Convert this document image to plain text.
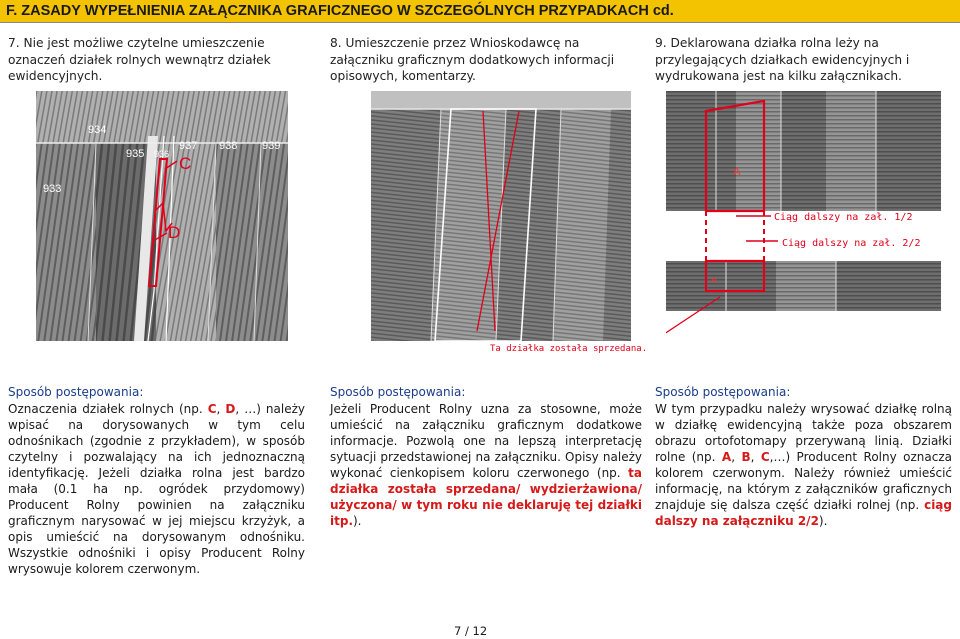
F. ZASADY WYPEŁNIENIA ZAŁĄCZNIKA GRAFICZNEGO W SZCZEGÓLNYCH PRZYPADKACH cd.
7. Nie jest możliwe czytelne umieszczenie oznaczeń działek rolnych wewnątrz działek ewidencyjnych.
8. Umieszczenie przez Wnioskodawcę na załączniku graficznym dodatkowych informacji opisowych, komentarzy.
9. Deklarowana działka rolna leży na przylegających działkach ewidencyjnych i wydrukowana jest na kilku załącznikach.
934
935 936
937 938 939
933
C
D
A
A
Ciąg dalszy na zał. 1/2
Ciąg dalszy na zał. 2/2
Ta działka została sprzedana.

Sposób postępowania:

Oznaczenia działek rolnych (np. C, D, …) należy wpisać na dorysowanych w tym celu odnośnikach (zgodnie z przykładem), w sposób czytelny i pozwalający na ich jednoznaczną identyfikację. Jeżeli działka rolna jest bardzo mała (0.1 ha np. ogródek przydomowy) Producent Rolny powinien na załączniku graficznym narysować w jej miejscu krzyżyk, a opis umieścić na dorysowanym odnośniku. Wszystkie odnośniki i opisy Producent Rolny wrysowuje kolorem czerwonym.

Sposób postępowania:

Jeżeli Producent Rolny uzna za stosowne, może umieścić na załączniku graficznym dodatkowe informacje. Pozwolą one na lepszą interpretację sytuacji przedstawionej na załączniku. Opisy należy wykonać cienkopisem koloru czerwonego (np. ta działka została sprzedana/ wydzierżawiona/ użyczona/ w tym roku nie deklaruję tej działki itp.).

Sposób postępowania:

W tym przypadku należy wrysować działkę rolną w działkę ewidencyjną także poza obszarem obrazu ortofotomapy przerywaną linią. Działki rolne (np. A, B, C,…) Producent Rolny oznacza kolorem czerwonym. Należy również umieścić informację, na którym z załączników graficznych znajduje się dalsza część działki rolnej (np. ciąg dalszy na załączniku 2/2).

7 / 12
